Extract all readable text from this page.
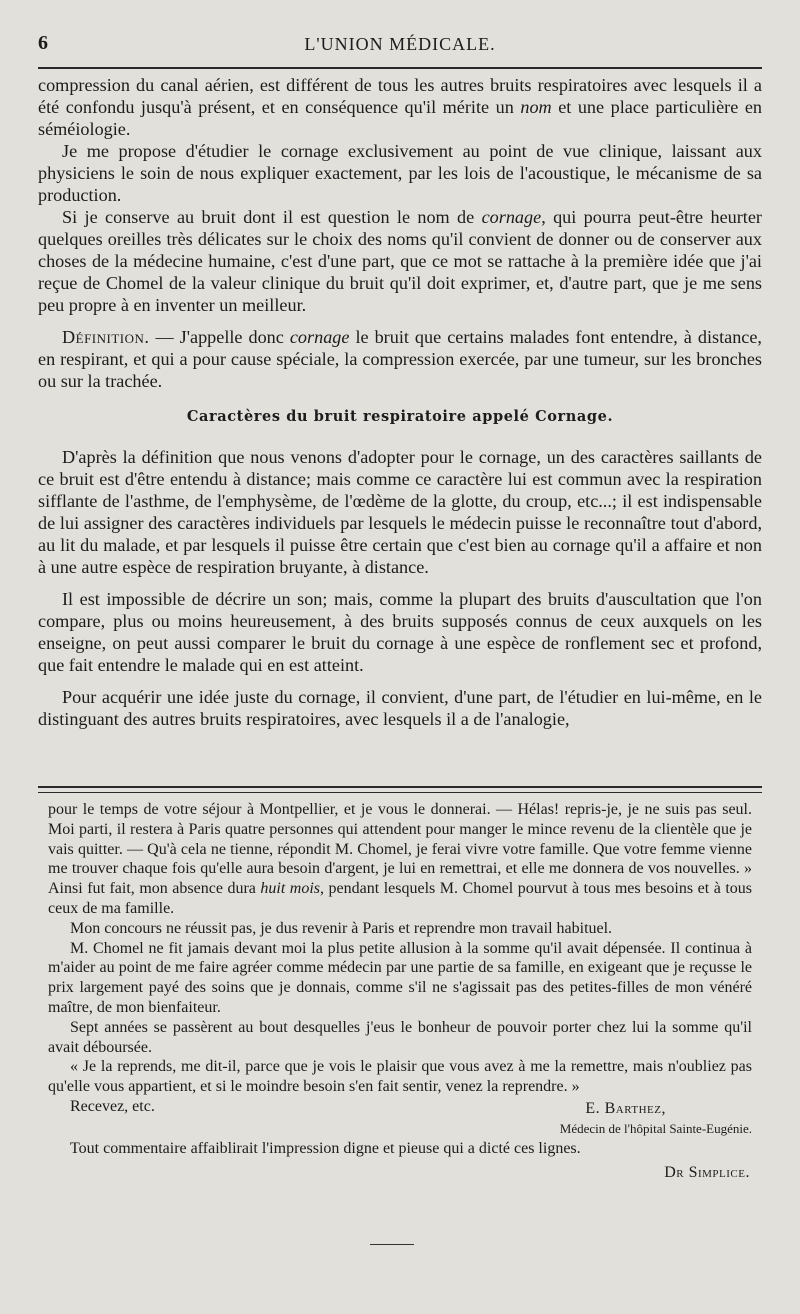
6	L'UNION MÉDICALE.

compression du canal aérien, est différent de tous les autres bruits respiratoires avec lesquels il a été confondu jusqu'à présent, et en conséquence qu'il mérite un nom et une place particulière en séméiologie.

Je me propose d'étudier le cornage exclusivement au point de vue clinique, laissant aux physiciens le soin de nous expliquer exactement, par les lois de l'acoustique, le mécanisme de sa production.

Si je conserve au bruit dont il est question le nom de cornage, qui pourra peut-être heurter quelques oreilles très délicates sur le choix des noms qu'il convient de donner ou de conserver aux choses de la médecine humaine, c'est d'une part, que ce mot se rattache à la première idée que j'ai reçue de Chomel de la valeur clinique du bruit qu'il doit exprimer, et, d'autre part, que je me sens peu propre à en inventer un meilleur.

Définition. — J'appelle donc cornage le bruit que certains malades font entendre, à distance, en respirant, et qui a pour cause spéciale, la compression exercée, par une tumeur, sur les bronches ou sur la trachée.

Caractères du bruit respiratoire appelé Cornage.

D'après la définition que nous venons d'adopter pour le cornage, un des caractères saillants de ce bruit est d'être entendu à distance; mais comme ce caractère lui est commun avec la respiration sifflante de l'asthme, de l'emphysème, de l'œdème de la glotte, du croup, etc...; il est indispensable de lui assigner des caractères individuels par lesquels le médecin puisse le reconnaître tout d'abord, au lit du malade, et par lesquels il puisse être certain que c'est bien au cornage qu'il a affaire et non à une autre espèce de respiration bruyante, à distance.

Il est impossible de décrire un son; mais, comme la plupart des bruits d'auscultation que l'on compare, plus ou moins heureusement, à des bruits supposés connus de ceux auxquels on les enseigne, on peut aussi comparer le bruit du cornage à une espèce de ronflement sec et profond, que fait entendre le malade qui en est atteint.

Pour acquérir une idée juste du cornage, il convient, d'une part, de l'étudier en lui-même, en le distinguant des autres bruits respiratoires, avec lesquels il a de l'analogie,

pour le temps de votre séjour à Montpellier, et je vous le donnerai. — Hélas! repris-je, je ne suis pas seul. Moi parti, il restera à Paris quatre personnes qui attendent pour manger le mince revenu de la clientèle que je vais quitter. — Qu'à cela ne tienne, répondit M. Chomel, je ferai vivre votre famille. Que votre femme vienne me trouver chaque fois qu'elle aura besoin d'argent, je lui en remettrai, et elle me donnera de vos nouvelles. » Ainsi fut fait, mon absence dura huit mois, pendant lesquels M. Chomel pourvut à tous mes besoins et à tous ceux de ma famille.

Mon concours ne réussit pas, je dus revenir à Paris et reprendre mon travail habituel.

M. Chomel ne fit jamais devant moi la plus petite allusion à la somme qu'il avait dépensée. Il continua à m'aider au point de me faire agréer comme médecin par une partie de sa famille, en exigeant que je reçusse le prix largement payé des soins que je donnais, comme s'il ne s'agissait pas des petites-filles de mon vénéré maître, de mon bienfaiteur.

Sept années se passèrent au bout desquelles j'eus le bonheur de pouvoir porter chez lui la somme qu'il avait déboursée.

« Je la reprends, me dit-il, parce que je vois le plaisir que vous avez à me la remettre, mais n'oubliez pas qu'elle vous appartient, et si le moindre besoin s'en fait sentir, venez la reprendre. »

Recevez, etc.	E. Barthez,
Médecin de l'hôpital Sainte-Eugénie.

Tout commentaire affaiblirait l'impression digne et pieuse qui a dicté ces lignes.

Dr Simplice.
